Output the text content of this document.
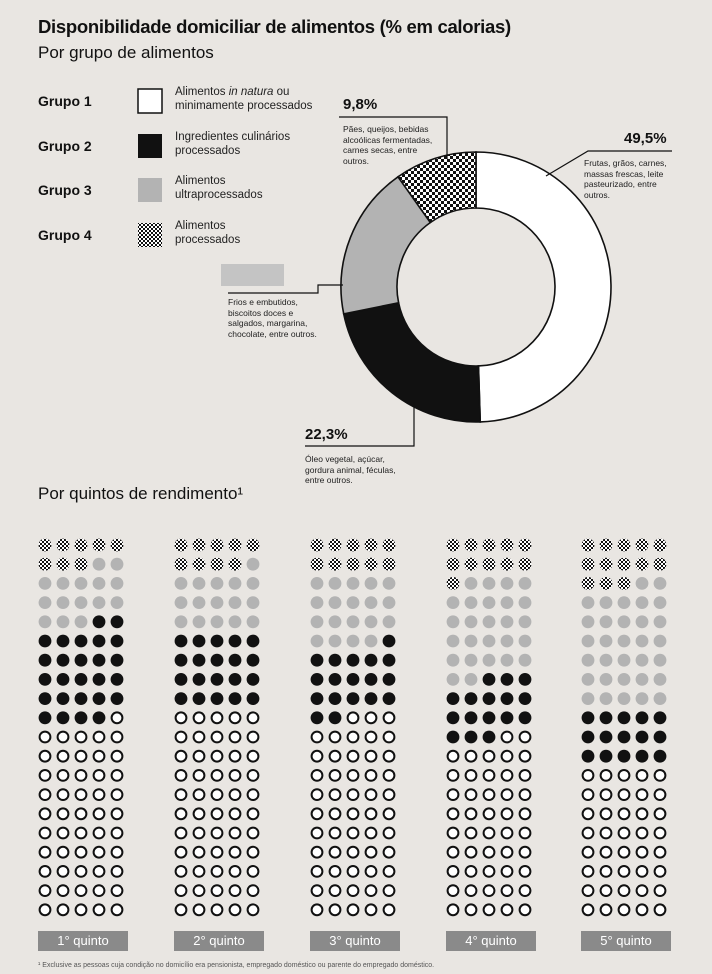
Disponibilidade domiciliar de alimentos (% em calorias)
Por grupo de alimentos
Grupo 1
Alimentos in natura ou
minimamente processados
Grupo 2
Ingredientes culinários
processados
Grupo 3
Alimentos
ultraprocessados
Grupo 4
Alimentos
processados
9,8%
Pães, queijos, bebidas
alcoólicas fermentadas,
carnes secas, entre
outros.
49,5%
Frutas, grãos, carnes,
massas frescas, leite
pasteurizado, entre
outros.
Frios e embutidos,
biscoitos doces e
salgados, margarina,
chocolate, entre outros.
22,3%
Óleo vegetal, açúcar,
gordura animal, féculas,
entre outros.
Por quintos de rendimento¹
1° quinto	2° quinto	3° quinto	4° quinto	5° quinto
¹ Exclusive as pessoas cuja condição no domicílio era pensionista, empregado doméstico ou parente do empregado doméstico.
